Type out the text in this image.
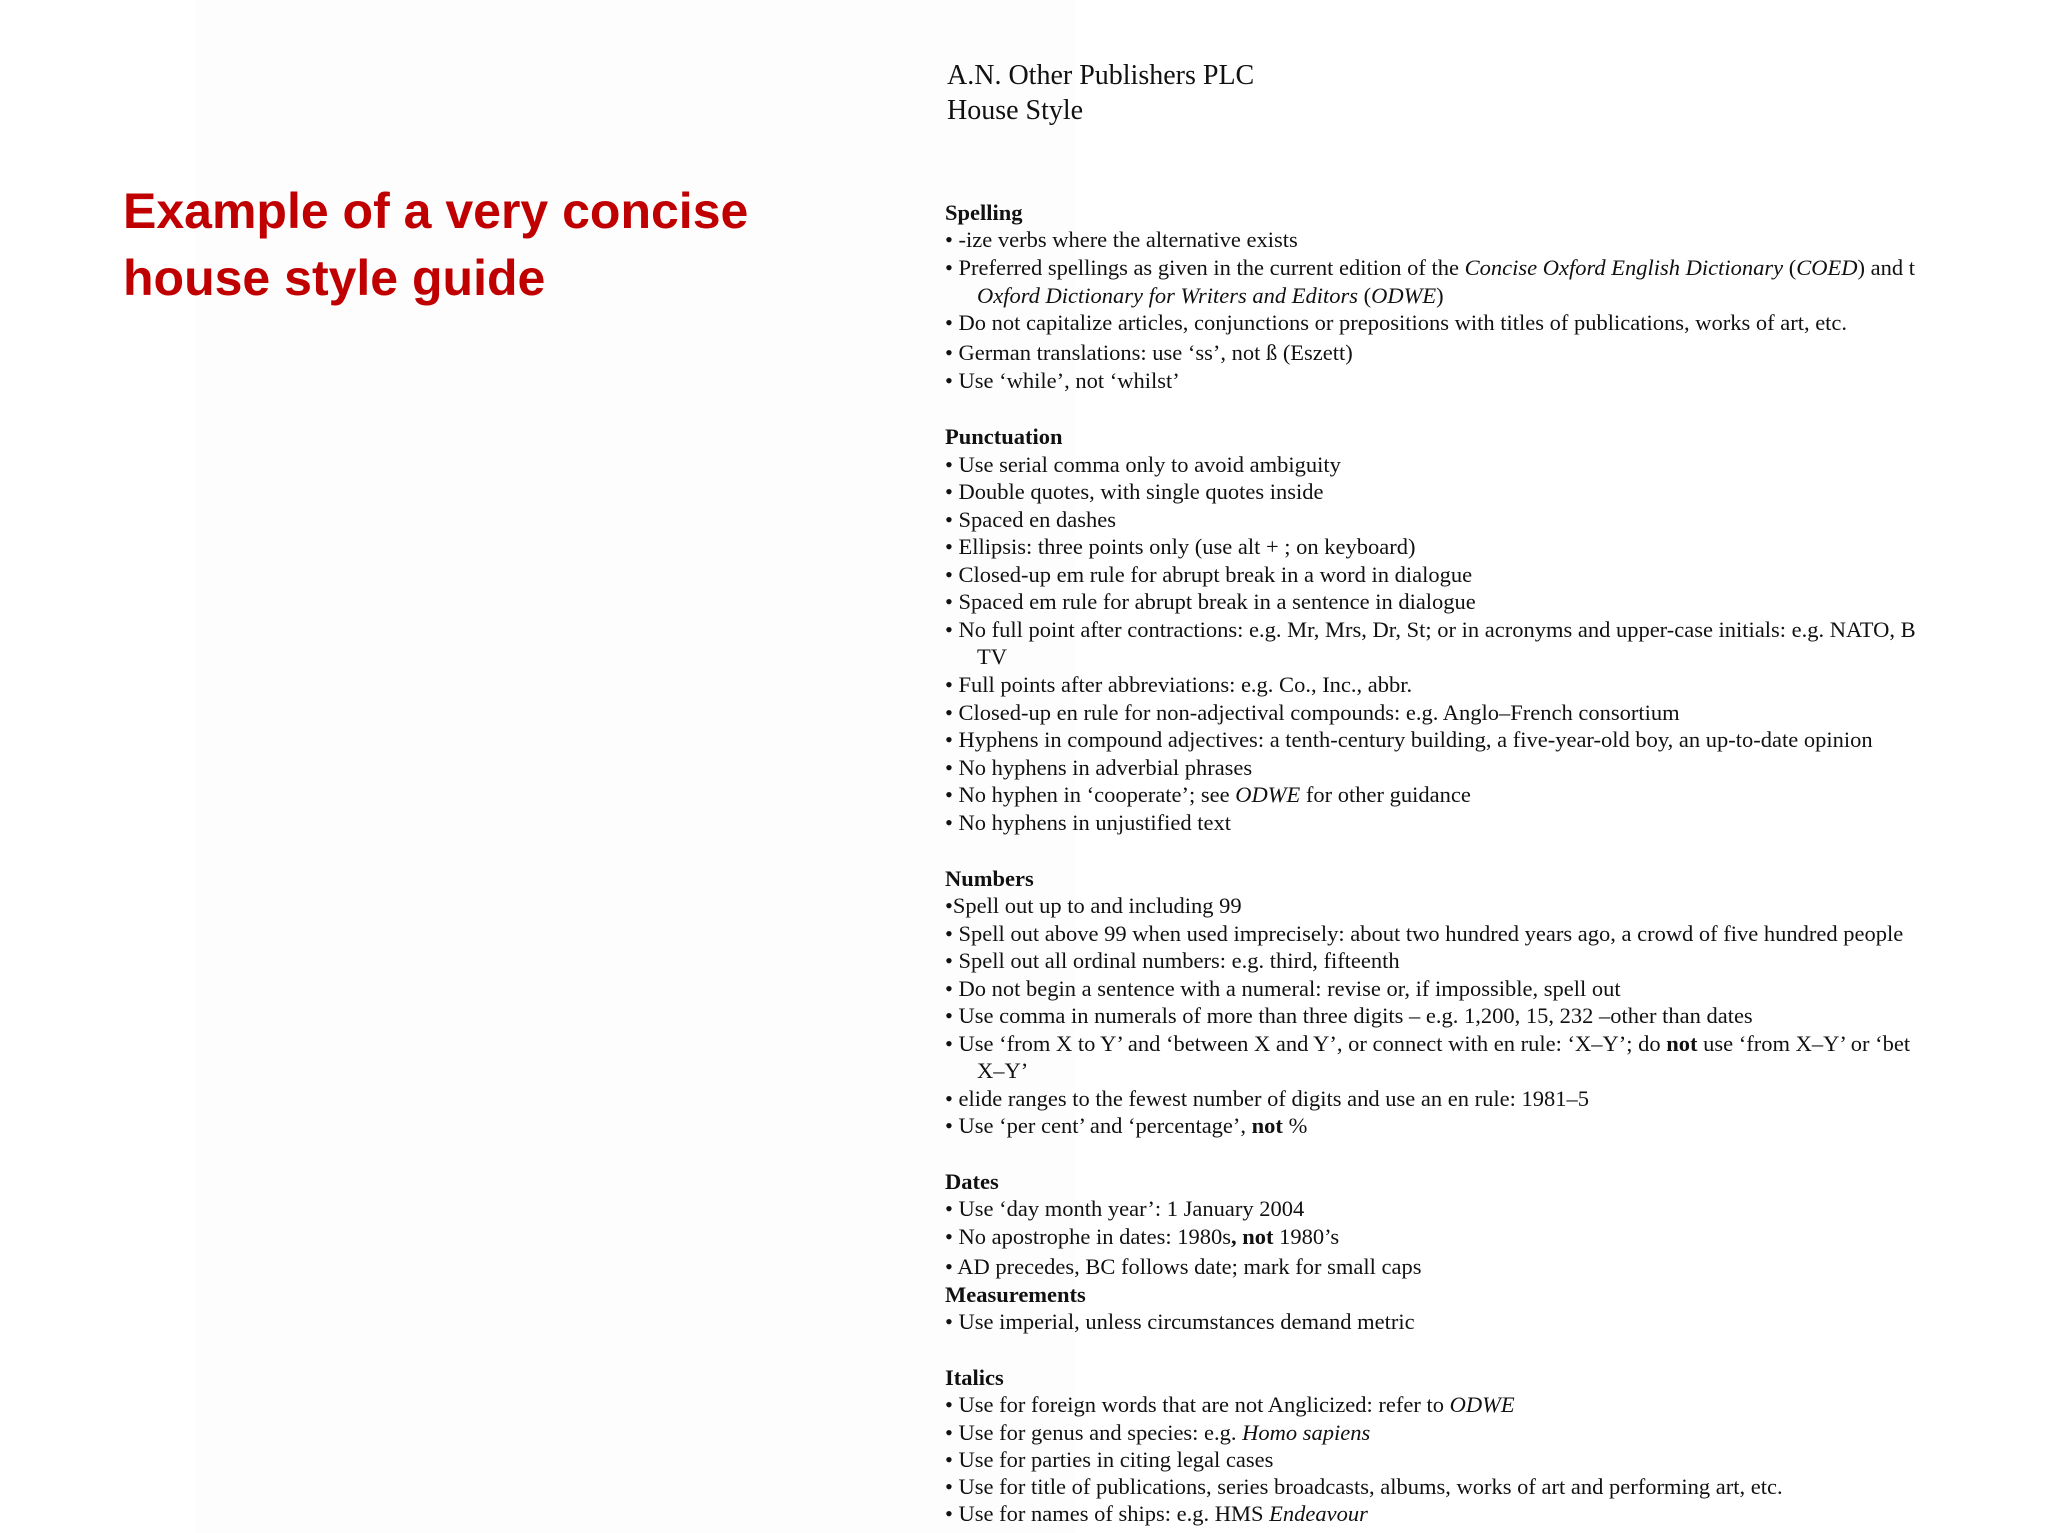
Example of a very concise
house style guide
A.N. Other Publishers PLC
House Style
Spelling
• -ize verbs where the alternative exists
• Preferred spellings as given in the current edition of the Concise Oxford English Dictionary (COED) and t
Oxford Dictionary for Writers and Editors (ODWE)
• Do not capitalize articles, conjunctions or prepositions with titles of publications, works of art, etc.
• German translations: use ‘ss’, not ß (Eszett)
• Use ‘while’, not ‘whilst’
Punctuation
• Use serial comma only to avoid ambiguity
• Double quotes, with single quotes inside
• Spaced en dashes
• Ellipsis: three points only (use alt + ; on keyboard)
• Closed-up em rule for abrupt break in a word in dialogue
• Spaced em rule for abrupt break in a sentence in dialogue
• No full point after contractions: e.g. Mr, Mrs, Dr, St; or in acronyms and upper-case initials: e.g. NATO, B
TV
• Full points after abbreviations: e.g. Co., Inc., abbr.
• Closed-up en rule for non-adjectival compounds: e.g. Anglo–French consortium
• Hyphens in compound adjectives: a tenth-century building, a five-year-old boy, an up-to-date opinion
• No hyphens in adverbial phrases
• No hyphen in ‘cooperate’; see ODWE for other guidance
• No hyphens in unjustified text
Numbers
•Spell out up to and including 99
• Spell out above 99 when used imprecisely: about two hundred years ago, a crowd of five hundred people
• Spell out all ordinal numbers: e.g. third, fifteenth
• Do not begin a sentence with a numeral: revise or, if impossible, spell out
• Use comma in numerals of more than three digits – e.g. 1,200, 15, 232 –other than dates
• Use ‘from X to Y’ and ‘between X and Y’, or connect with en rule: ‘X–Y’; do not use ‘from X–Y’ or ‘bet
X–Y’
• elide ranges to the fewest number of digits and use an en rule: 1981–5
• Use ‘per cent’ and ‘percentage’, not %
Dates
• Use ‘day month year’: 1 January 2004
• No apostrophe in dates: 1980s, not 1980’s
• AD precedes, BC follows date; mark for small caps
Measurements
• Use imperial, unless circumstances demand metric
Italics
• Use for foreign words that are not Anglicized: refer to ODWE
• Use for genus and species: e.g. Homo sapiens
• Use for parties in citing legal cases
• Use for title of publications, series broadcasts, albums, works of art and performing art, etc.
• Use for names of ships: e.g. HMS Endeavour
